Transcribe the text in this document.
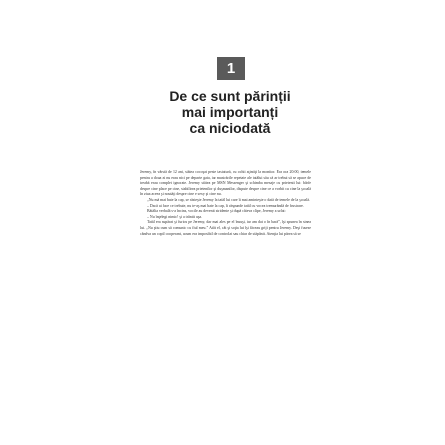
1
De ce sunt părinții
mai importanți
ca niciodată

Jeremy, în vârstă de 12 ani, stătea cocoşat peste tastatură, cu ochii aţintiţi la monitor. Era ora 20:00, temele pentru a doua zi nu erau nici pe departe gata, iar mustrările repetate ale tatălui său că ar trebui să se apuce de treabă erau complet ignorate. Jeremy stătea pe MSN Messenger şi schimba mesaje cu prietenii lui: bârfe despre cine place pe cine, stabilirea prietenilor şi duşmanilor, dispute despre cine ce a vorbit cu cine la şcoală în ziua aceea şi noutăţi despre cine e sexy şi cine nu.

„Nu mă mai bate la cap, se răsteşte Jeremy la tatăl lui care îi mai aminteşte o dată de temele de la şcoală.

– Dacă ai face ce trebuie, nu te-aş mai bate la cap, îi răspunde tatăl cu vocea tremurândă de frustrare.

Bătălia verbală s-a încins, vocile au devenit stridente şi după câteva clipe, Jeremy a urlat:

– Nu înţelegi nimic! şi a trântit uşa.

Tatăl era supărat şi furios pe Jeremy, dar mai ales pe el însuşi, iar am dat o în bară”, îşi spunea în sinea lui. „Nu ştiu cum să comunic cu fiul meu.” Atât el, cât şi soţia lui îşi făceau griji pentru Jeremy. Deşi fusese cândva un copil cooperant, acum era imposibil de controlat sau chiar de stăpânit. Atenţia lui părea să se
